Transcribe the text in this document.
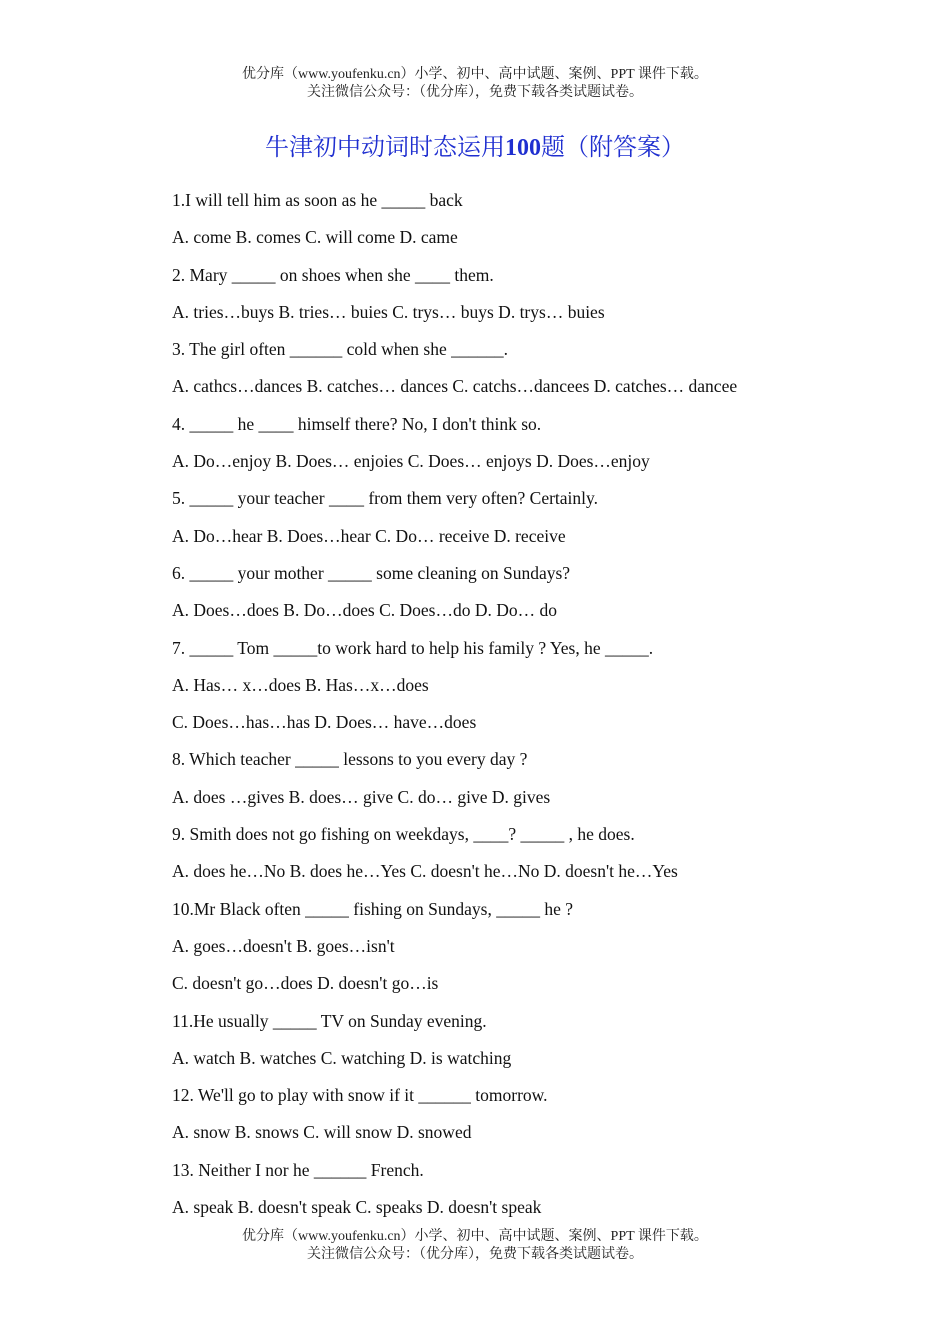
优分库（www.youfenku.cn）小学、初中、高中试题、案例、PPT 课件下载。
关注微信公众号：（优分库），免费下载各类试题试卷。
牛津初中动词时态运用100题（附答案）
1.I will tell him as soon as he _____ back
A. come B. comes C. will come D. came
2. Mary _____ on shoes when she ____ them.
A. tries…buys B. tries… buies C. trys… buys D. trys… buies
3. The girl often ______ cold when she ______.
A. cathcs…dances B. catches… dances C. catchs…dancees D. catches… dancee
4. _____ he ____ himself there? No, I don't think so.
A. Do…enjoy B. Does… enjoies C. Does… enjoys D. Does…enjoy
5. _____ your teacher ____ from them very often? Certainly.
A. Do…hear B. Does…hear C. Do… receive D. receive
6. _____ your mother _____ some cleaning on Sundays?
A. Does…does B. Do…does C. Does…do D. Do… do
7. _____ Tom _____to work hard to help his family ? Yes, he _____.
A. Has… x…does B. Has…x…does
C. Does…has…has D. Does… have…does
8. Which teacher _____ lessons to you every day ?
A. does …gives B. does… give C. do… give D. gives
9. Smith does not go fishing on weekdays, ____? _____ , he does.
A. does he…No B. does he…Yes C. doesn't he…No D. doesn't he…Yes
10.Mr Black often _____ fishing on Sundays, _____ he ?
A. goes…doesn't B. goes…isn't
C. doesn't go…does D. doesn't go…is
11.He usually _____ TV on Sunday evening.
A. watch B. watches C. watching D. is watching
12. We'll go to play with snow if it ______ tomorrow.
A. snow B. snows C. will snow D. snowed
13. Neither I nor he ______ French.
A. speak B. doesn't speak C. speaks D. doesn't speak
优分库（www.youfenku.cn）小学、初中、高中试题、案例、PPT 课件下载。
关注微信公众号：（优分库），免费下载各类试题试卷。
